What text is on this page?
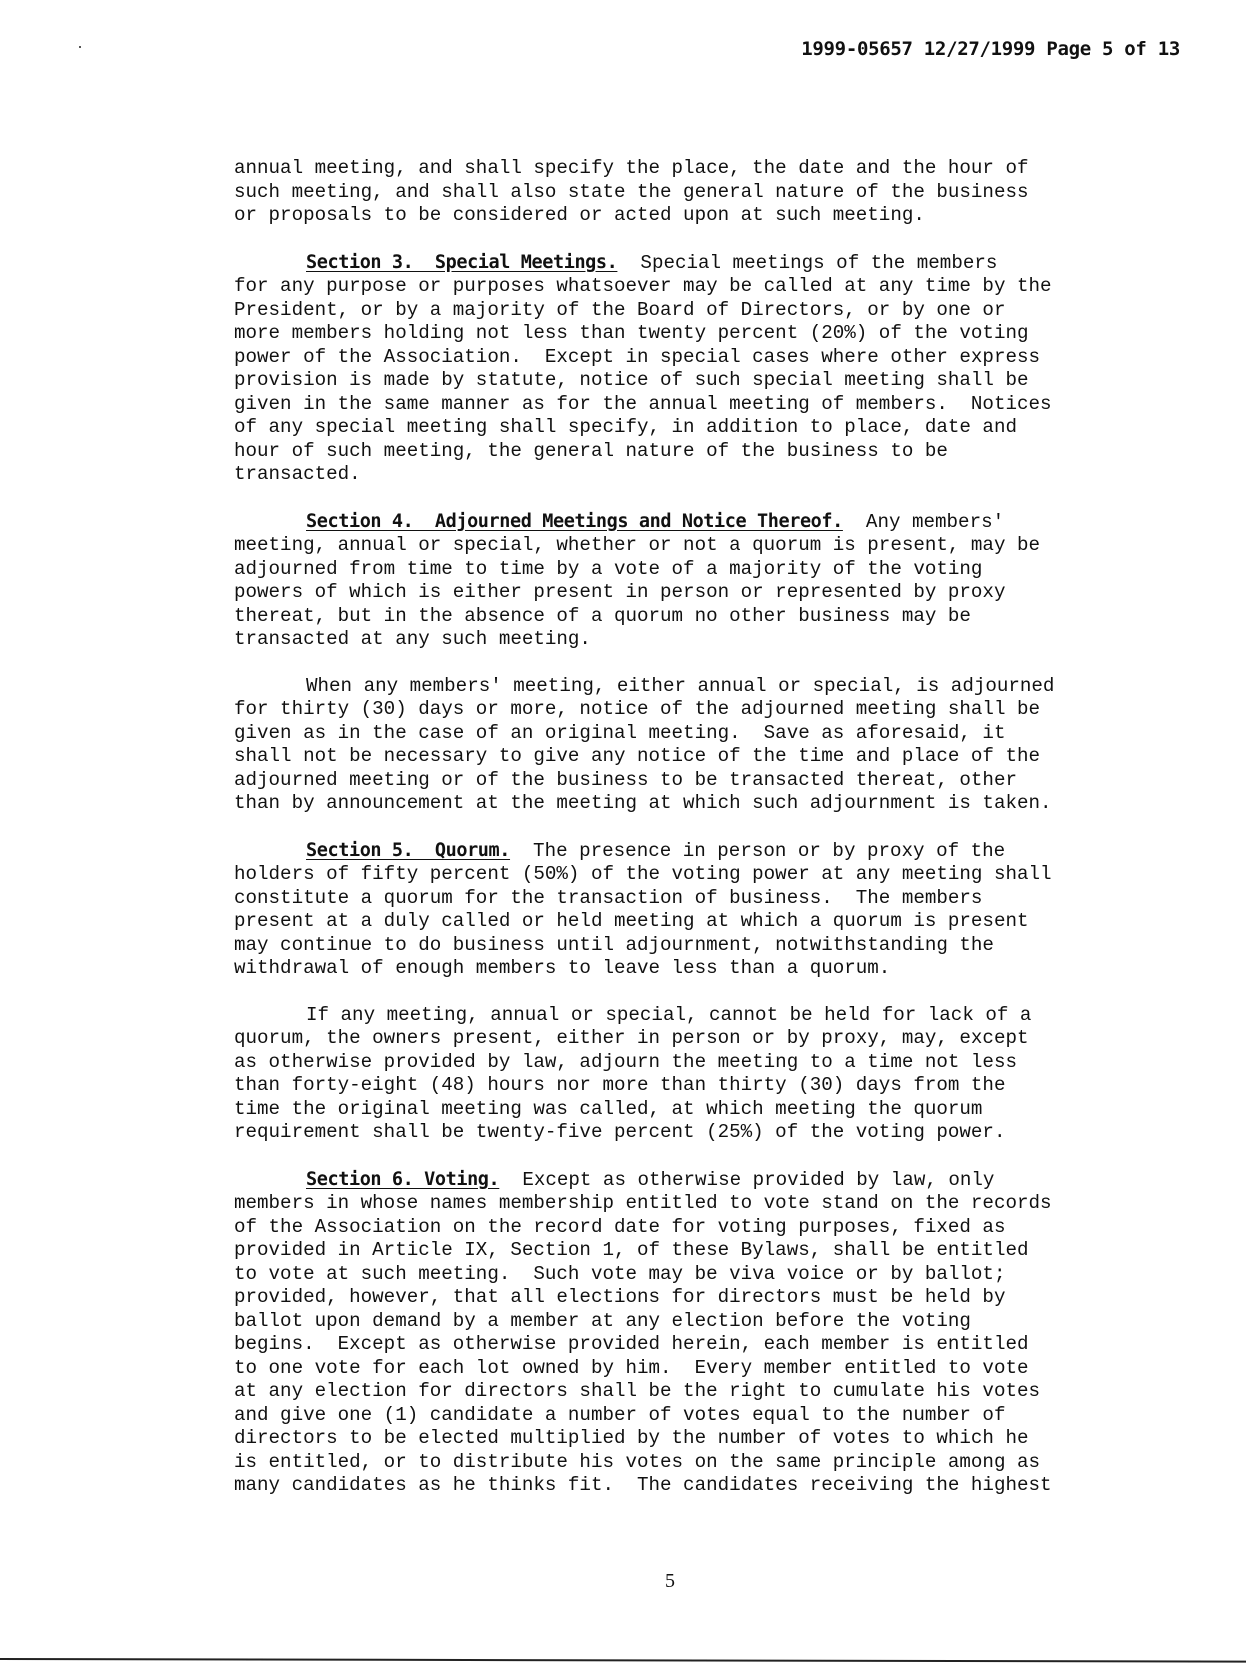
1999-05657 12/27/1999 Page 5 of 13

annual meeting, and shall specify the place, the date and the hour of
such meeting, and shall also state the general nature of the business
or proposals to be considered or acted upon at such meeting.

Section 3.  Special Meetings.  Special meetings of the members
for any purpose or purposes whatsoever may be called at any time by the
President, or by a majority of the Board of Directors, or by one or
more members holding not less than twenty percent (20%) of the voting
power of the Association.  Except in special cases where other express
provision is made by statute, notice of such special meeting shall be
given in the same manner as for the annual meeting of members.  Notices
of any special meeting shall specify, in addition to place, date and
hour of such meeting, the general nature of the business to be
transacted.

Section 4.  Adjourned Meetings and Notice Thereof.  Any members'
meeting, annual or special, whether or not a quorum is present, may be
adjourned from time to time by a vote of a majority of the voting
powers of which is either present in person or represented by proxy
thereat, but in the absence of a quorum no other business may be
transacted at any such meeting.

When any members' meeting, either annual or special, is adjourned
for thirty (30) days or more, notice of the adjourned meeting shall be
given as in the case of an original meeting.  Save as aforesaid, it
shall not be necessary to give any notice of the time and place of the
adjourned meeting or of the business to be transacted thereat, other
than by announcement at the meeting at which such adjournment is taken.

Section 5.  Quorum.  The presence in person or by proxy of the
holders of fifty percent (50%) of the voting power at any meeting shall
constitute a quorum for the transaction of business.  The members
present at a duly called or held meeting at which a quorum is present
may continue to do business until adjournment, notwithstanding the
withdrawal of enough members to leave less than a quorum.

If any meeting, annual or special, cannot be held for lack of a
quorum, the owners present, either in person or by proxy, may, except
as otherwise provided by law, adjourn the meeting to a time not less
than forty-eight (48) hours nor more than thirty (30) days from the
time the original meeting was called, at which meeting the quorum
requirement shall be twenty-five percent (25%) of the voting power.

Section 6. Voting.  Except as otherwise provided by law, only
members in whose names membership entitled to vote stand on the records
of the Association on the record date for voting purposes, fixed as
provided in Article IX, Section 1, of these Bylaws, shall be entitled
to vote at such meeting.  Such vote may be viva voice or by ballot;
provided, however, that all elections for directors must be held by
ballot upon demand by a member at any election before the voting
begins.  Except as otherwise provided herein, each member is entitled
to one vote for each lot owned by him.  Every member entitled to vote
at any election for directors shall be the right to cumulate his votes
and give one (1) candidate a number of votes equal to the number of
directors to be elected multiplied by the number of votes to which he
is entitled, or to distribute his votes on the same principle among as
many candidates as he thinks fit.  The candidates receiving the highest

5
